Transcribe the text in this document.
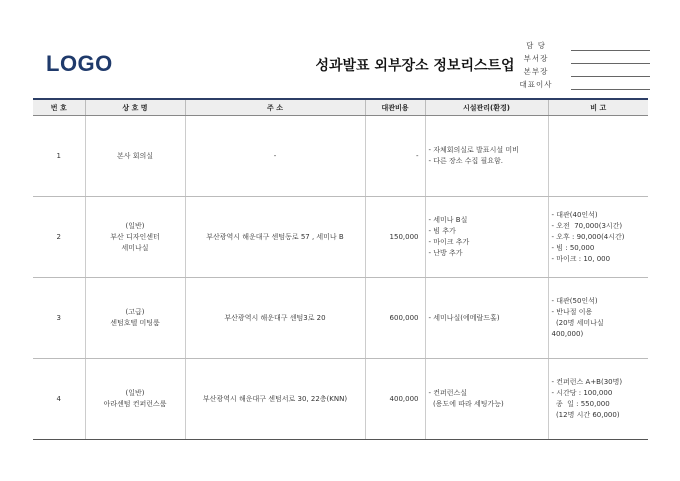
LOGO	성과발표 외부장소 정보리스트업
담 당
부서장
본부장
대표이사
번 호	상 호 명	주 소	대관비용	시설관리(환경)	비 고
1	본사 회의실	-	-	- 자체회의실로 발표시설 미비
- 다른 장소 수집 필요함.	

2	(일반)
부산 디자인센터
세미나실	부산광역시 해운대구 센텀동로 57 , 세미나 B	150,000	- 세미나 B실
- 빔 추가
- 마이크 추가
- 난방 추가	- 대관(40인석)
- 오전  70,000(3시간)
- 오후 : 90,000(4시간)
- 빔 : 50,000
- 마이크 : 10, 000

3	(고급)
센텀호텔 미팅룸	부산광역시 해운대구 센텀3로 20	600,000	- 세미나실(에메랄드홀)	- 대관(50인석)
- 반나절 이용
(20명 세미나실
400,000)

4	(일반)
아라센텀 컨퍼런스룸	부산광역시 해운대구 센텀서로 30, 22층(KNN)	400,000	- 컨퍼런스실
(용도에 따라 세팅가능)	- 컨퍼런스 A+B(30명)
- 시간당 : 100,000
종  일 : 550,000
(12명 시간 60,000)
